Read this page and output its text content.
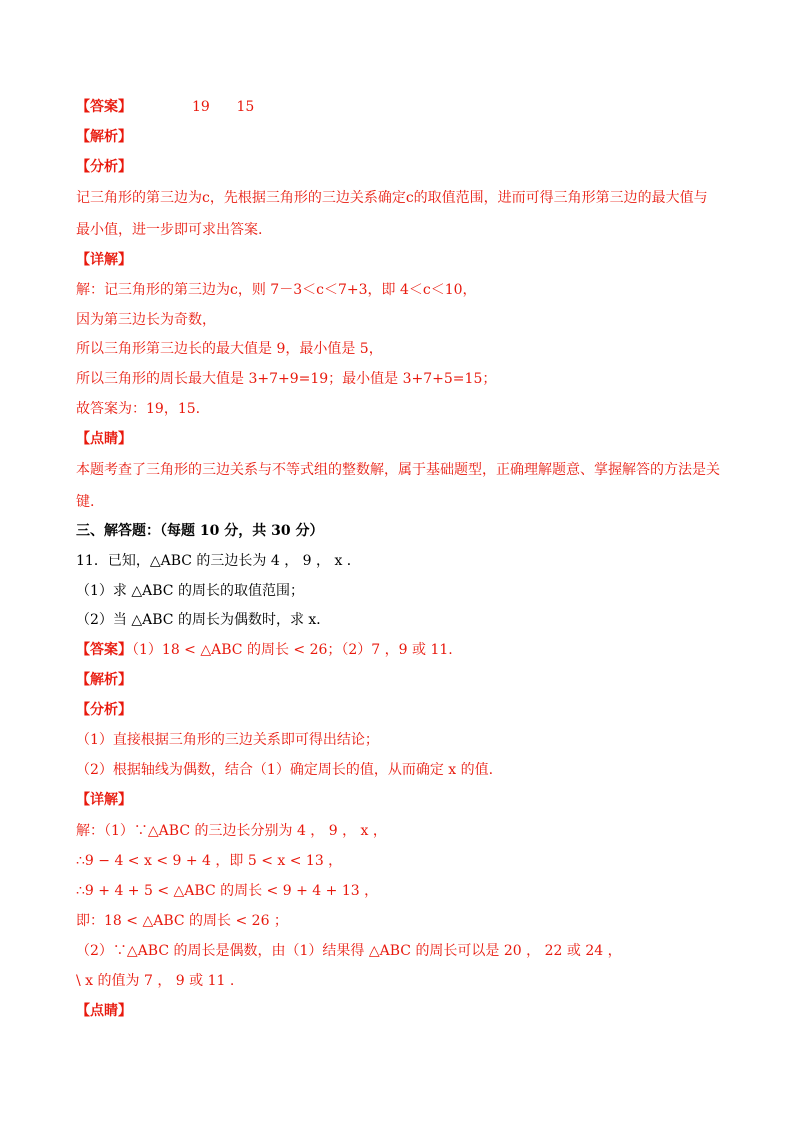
【答案】	19      15
【解析】
【分析】
记三角形的第三边为c，先根据三角形的三边关系确定c的取值范围，进而可得三角形第三边的最大值与
最小值，进一步即可求出答案.
【详解】
解：记三角形的第三边为c，则 7－3＜c＜7+3，即 4＜c＜10，
因为第三边长为奇数，
所以三角形第三边长的最大值是 9，最小值是 5，
所以三角形的周长最大值是 3+7+9=19；最小值是 3+7+5=15；
故答案为：19，15.
【点睛】
本题考查了三角形的三边关系与不等式组的整数解，属于基础题型，正确理解题意、掌握解答的方法是关
键.
三、解答题：（每题 10 分，共 30 分）
11．已知，△ABC 的三边长为 4 ， 9 ， x ．
（1）求 △ABC 的周长的取值范围；
（2）当 △ABC 的周长为偶数时，求 x．
【答案】（1）18 < △ABC 的周长 < 26；（2）7 ，9 或 11.
【解析】
【分析】
（1）直接根据三角形的三边关系即可得出结论；
（2）根据轴线为偶数，结合（1）确定周长的值，从而确定 x 的值.
【详解】
解：（1）∵△ABC 的三边长分别为 4 ， 9 ， x ，
∴9 − 4 < x < 9 + 4 ，即 5 < x < 13 ，
∴9 + 4 + 5 < △ABC 的周长 < 9 + 4 + 13 ，
即：18 < △ABC 的周长 < 26 ；
（2）∵△ABC 的周长是偶数，由（1）结果得 △ABC 的周长可以是 20 ， 22 或 24 ，
\ x 的值为 7 ， 9 或 11 .
【点睛】
